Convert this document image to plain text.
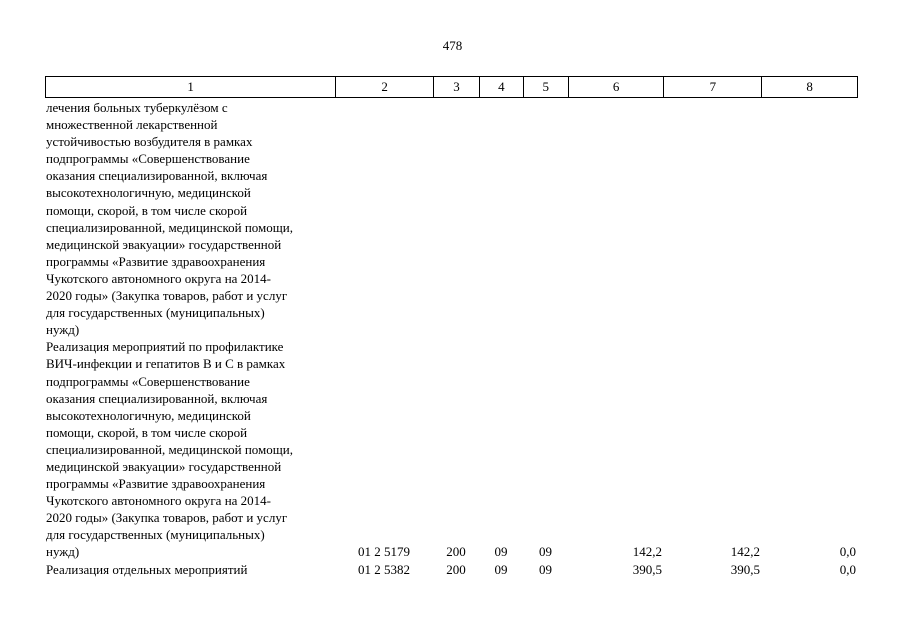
478
1	2	3	4	5	6	7	8
лечения больных туберкулёзом с
множественной лекарственной
устойчивостью возбудителя в рамках
подпрограммы «Совершенствование
оказания специализированной, включая
высокотехнологичную, медицинской
помощи, скорой, в том числе скорой
специализированной, медицинской помощи,
медицинской эвакуации» государственной
программы «Развитие здравоохранения
Чукотского автономного округа на 2014-
2020 годы» (Закупка товаров, работ и услуг
для государственных (муниципальных)
нужд)
Реализация мероприятий по профилактике
ВИЧ-инфекции и гепатитов В и С в рамках
подпрограммы «Совершенствование
оказания специализированной, включая
высокотехнологичную, медицинской
помощи, скорой, в том числе скорой
специализированной, медицинской помощи,
медицинской эвакуации» государственной
программы «Развитие здравоохранения
Чукотского автономного округа на 2014-
2020 годы» (Закупка товаров, работ и услуг
для государственных (муниципальных)
нужд)	01 2 5179	200	09	09	142,2	142,2	0,0
Реализация отдельных мероприятий	01 2 5382	200	09	09	390,5	390,5	0,0
